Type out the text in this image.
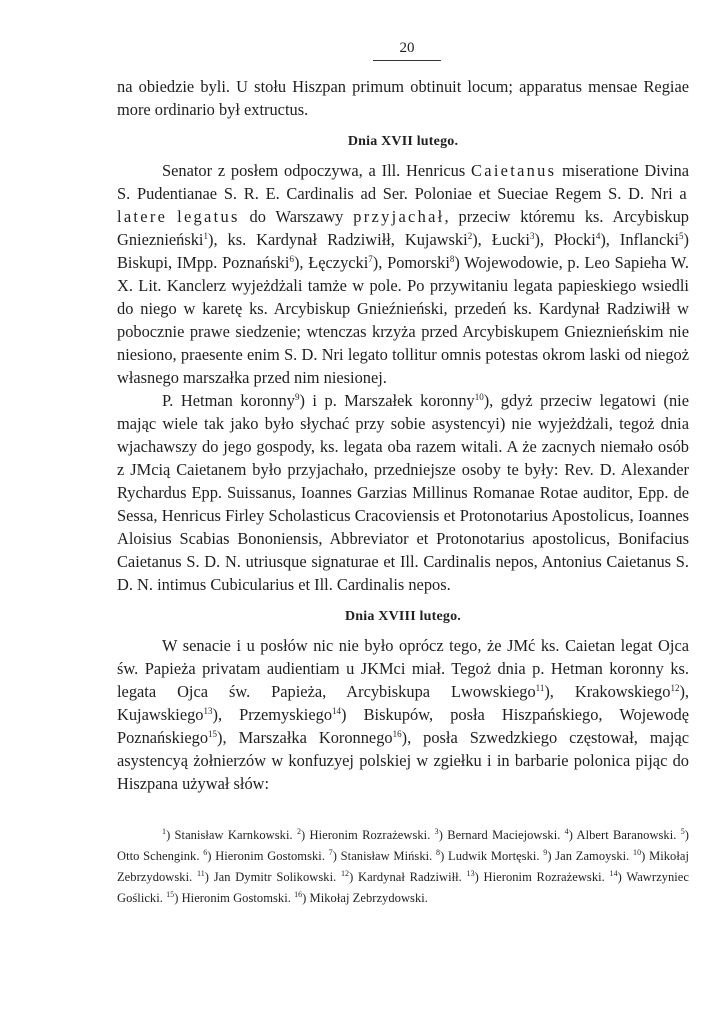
20

na obiedzie byli. U stołu Hiszpan primum obtinuit locum; apparatus mensae Regiae more ordinario był extructus.

Dnia XVII lutego.

Senator z posłem odpoczywa, a Ill. Henricus Caietanus miseratione Divina S. Pudentianae S. R. E. Cardinalis ad Ser. Poloniae et Sueciae Regem S. D. Nri a latere legatus do Warszawy przyjachał, przeciw któremu ks. Arcybiskup Gnieznieński$^1$), ks. Kardynał Radziwiłł, Kujawski$^2$), Łucki$^3$), Płocki$^4$), Inflancki$^5$) Biskupi, IMpp. Poznański$^6$), Łęczycki$^7$), Pomorski$^8$) Wojewodowie, p. Leo Sapieha W. X. Lit. Kanclerz wyjeżdżali tamże w pole. Po przywitaniu legata papieskiego wsiedli do niego w karetę ks. Arcybiskup Gnieźnieński, przedeń ks. Kardynał Radziwiłł w pobocznie prawe siedzenie; wtenczas krzyża przed Arcybiskupem Gnieznieńskim nie niesiono, praesente enim S. D. Nri legato tollitur omnis potestas okrom laski od niegoż własnego marszałka przed nim niesionej.

P. Hetman koronny$^9$) i p. Marszałek koronny$^{10}$), gdyż przeciw legatowi (nie mając wiele tak jako było słychać przy sobie asystencyi) nie wyjeżdżali, tegoż dnia wjachawszy do jego gospody, ks. legata oba razem witali. A że zacnych niemało osób z JMcią Caietanem było przyjachało, przedniejsze osoby te były: Rev. D. Alexander Rychardus Epp. Suissanus, Ioannes Garzias Millinus Romanae Rotae auditor, Epp. de Sessa, Henricus Firley Scholasticus Cracoviensis et Protonotarius Apostolicus, Ioannes Aloisius Scabias Bononiensis, Abbreviator et Protonotarius apostolicus, Bonifacius Caietanus S. D. N. utriusque signaturae et Ill. Cardinalis nepos, Antonius Caietanus S. D. N. intimus Cubicularius et Ill. Cardinalis nepos.

Dnia XVIII lutego.

W senacie i u posłów nic nie było oprócz tego, że JMć ks. Caietan legat Ojca św. Papieża privatam audientiam u JKMci miał. Tegoż dnia p. Hetman koronny ks. legata Ojca św. Papieża, Arcybiskupa Lwowskiego$^{11}$), Krakowskiego$^{12}$), Kujawskiego$^{13}$), Przemyskiego$^{14}$) Biskupów, posła Hiszpańskiego, Wojewodę Poznańskiego$^{15}$), Marszałka Koronnego$^{16}$), posła Szwedzkiego częstował, mając asystencyą żołnierzów w konfuzyej polskiej w zgiełku i in barbarie polonica pijąc do Hiszpana używał słów:

$^1$) Stanisław Karnkowski. $^2$) Hieronim Rozrażewski. $^3$) Bernard Maciejowski. $^4$) Albert Baranowski. $^5$) Otto Schengink. $^6$) Hieronim Gostomski. $^7$) Stanisław Miński. $^8$) Ludwik Mortęski. $^9$) Jan Zamoyski. $^{10}$) Mikołaj Zebrzydowski. $^{11}$) Jan Dymitr Solikowski. $^{12}$) Kardynał Radziwiłł. $^{13}$) Hieronim Rozrażewski. $^{14}$) Wawrzyniec Goślicki. $^{15}$) Hieronim Gostomski. $^{16}$) Mikołaj Zebrzydowski.
